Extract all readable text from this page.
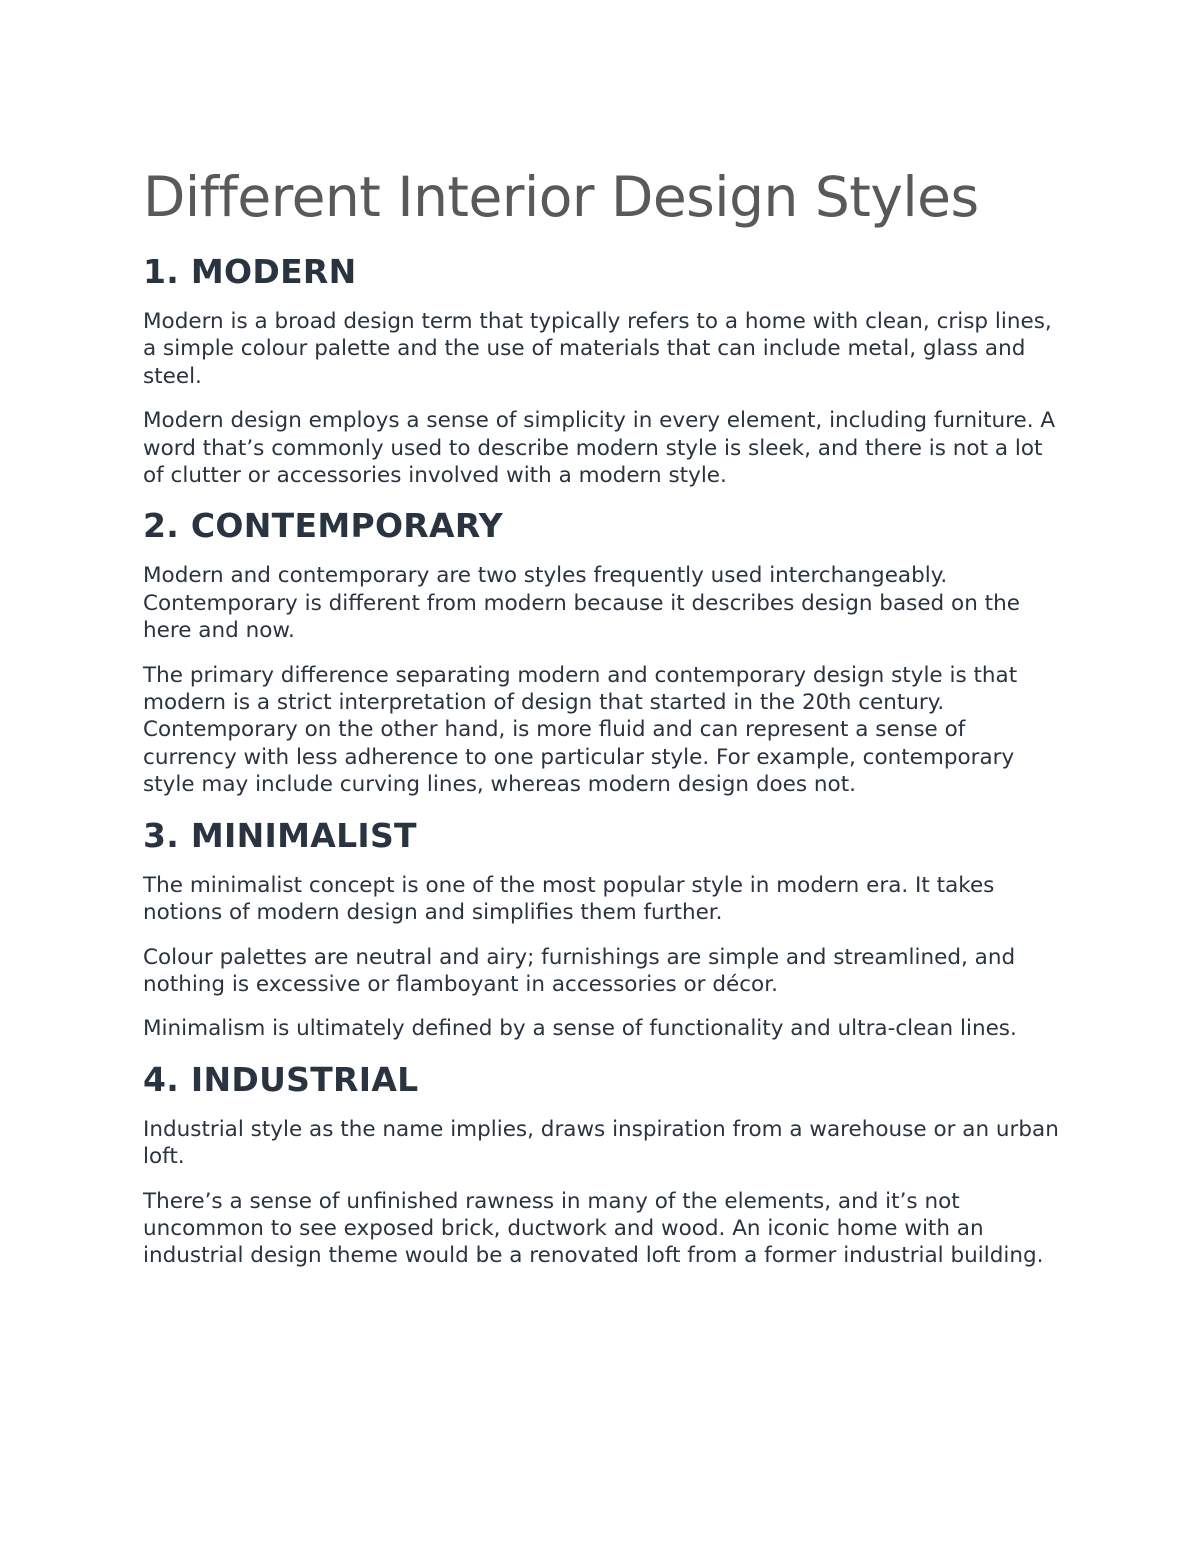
Different Interior Design Styles
1. MODERN

Modern is a broad design term that typically refers to a home with clean, crisp lines, a simple colour palette and the use of materials that can include metal, glass and steel.

Modern design employs a sense of simplicity in every element, including furniture. A word that’s commonly used to describe modern style is sleek, and there is not a lot of clutter or accessories involved with a modern style.

2. CONTEMPORARY

Modern and contemporary are two styles frequently used interchangeably. Contemporary is different from modern because it describes design based on the here and now.

The primary difference separating modern and contemporary design style is that modern is a strict interpretation of design that started in the 20th century. Contemporary on the other hand, is more fluid and can represent a sense of currency with less adherence to one particular style. For example, contemporary style may include curving lines, whereas modern design does not.

3. MINIMALIST

The minimalist concept is one of the most popular style in modern era. It takes notions of modern design and simplifies them further.

Colour palettes are neutral and airy; furnishings are simple and streamlined, and nothing is excessive or flamboyant in accessories or décor.

Minimalism is ultimately defined by a sense of functionality and ultra-clean lines.

4. INDUSTRIAL

Industrial style as the name implies, draws inspiration from a warehouse or an urban loft.

There’s a sense of unfinished rawness in many of the elements, and it’s not uncommon to see exposed brick, ductwork and wood. An iconic home with an industrial design theme would be a renovated loft from a former industrial building.
